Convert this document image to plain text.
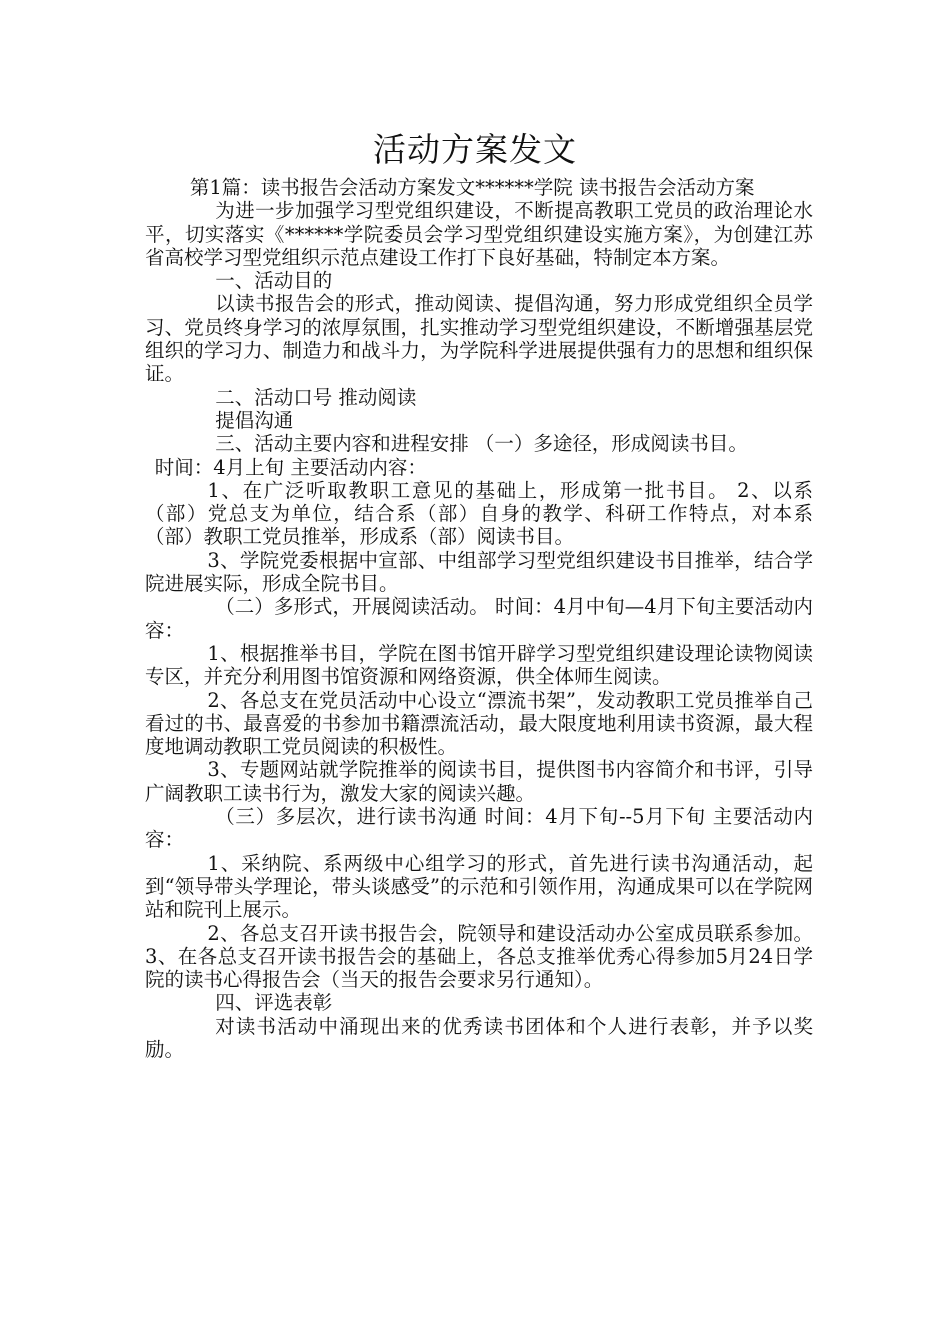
活动方案发文

第1篇：读书报告会活动方案发文******学院 读书报告会活动方案

为进一步加强学习型党组织建设，不断提高教职工党员的政治理论水平，切实落实《******学院委员会学习型党组织建设实施方案》，为创建江苏省高校学习型党组织示范点建设工作打下良好基础，特制定本方案。

一、活动目的

以读书报告会的形式，推动阅读、提倡沟通，努力形成党组织全员学习、党员终身学习的浓厚氛围，扎实推动学习型党组织建设，不断增强基层党组织的学习力、制造力和战斗力，为学院科学进展提供强有力的思想和组织保证。

二、活动口号 推动阅读

提倡沟通

三、活动主要内容和进程安排 （一）多途径，形成阅读书目。

时间：4月上旬 主要活动内容：

1、在广泛听取教职工意见的基础上，形成第一批书目。 2、以系（部）党总支为单位，结合系（部）自身的教学、科研工作特点，对本系（部）教职工党员推举，形成系（部）阅读书目。

3、学院党委根据中宣部、中组部学习型党组织建设书目推举，结合学院进展实际，形成全院书目。

（二）多形式，开展阅读活动。 时间：4月中旬—4月下旬主要活动内容：

1、根据推举书目，学院在图书馆开辟学习型党组织建设理论读物阅读专区，并充分利用图书馆资源和网络资源，供全体师生阅读。

2、各总支在党员活动中心设立“漂流书架”，发动教职工党员推举自己看过的书、最喜爱的书参加书籍漂流活动，最大限度地利用读书资源，最大程度地调动教职工党员阅读的积极性。

3、专题网站就学院推举的阅读书目，提供图书内容简介和书评，引导广阔教职工读书行为，激发大家的阅读兴趣。

（三）多层次，进行读书沟通 时间：4月下旬--5月下旬 主要活动内容：

1、采纳院、系两级中心组学习的形式，首先进行读书沟通活动，起到“领导带头学理论，带头谈感受”的示范和引领作用，沟通成果可以在学院网站和院刊上展示。

2、各总支召开读书报告会，院领导和建设活动办公室成员联系参加。 3、在各总支召开读书报告会的基础上，各总支推举优秀心得参加5月24日学院的读书心得报告会（当天的报告会要求另行通知）。

四、评选表彰

对读书活动中涌现出来的优秀读书团体和个人进行表彰，并予以奖励。
